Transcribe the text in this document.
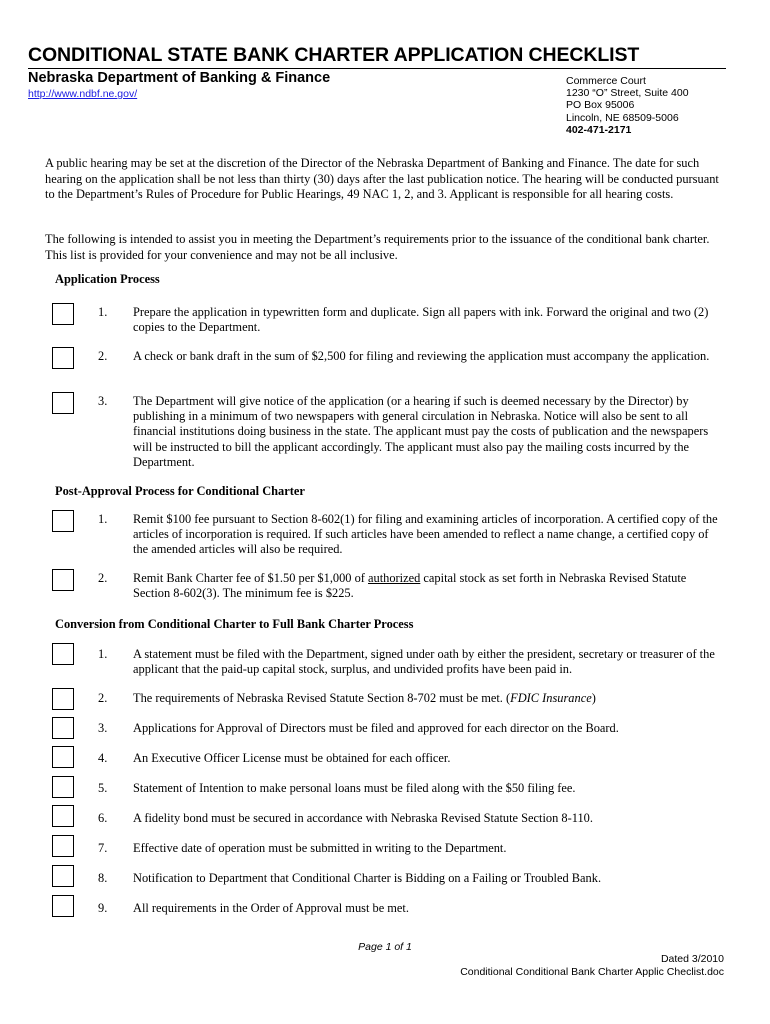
CONDITIONAL STATE BANK CHARTER APPLICATION CHECKLIST
Nebraska Department of Banking & Finance
http://www.ndbf.ne.gov/
Commerce Court
1230 “O” Street, Suite 400
PO Box 95006
Lincoln, NE 68509-5006
402-471-2171
A public hearing may be set at the discretion of the Director of the Nebraska Department of Banking and Finance. The date for such hearing on the application shall be not less than thirty (30) days after the last publication notice. The hearing will be conducted pursuant to the Department’s Rules of Procedure for Public Hearings, 49 NAC 1, 2, and 3. Applicant is responsible for all hearing costs.
The following is intended to assist you in meeting the Department’s requirements prior to the issuance of the conditional bank charter. This list is provided for your convenience and may not be all inclusive.
Application Process
1. Prepare the application in typewritten form and duplicate. Sign all papers with ink. Forward the original and two (2) copies to the Department.
2. A check or bank draft in the sum of $2,500 for filing and reviewing the application must accompany the application.
3. The Department will give notice of the application (or a hearing if such is deemed necessary by the Director) by publishing in a minimum of two newspapers with general circulation in Nebraska. Notice will also be sent to all financial institutions doing business in the state. The applicant must pay the costs of publication and the newspapers will be instructed to bill the applicant accordingly. The applicant must also pay the mailing costs incurred by the Department.
Post-Approval Process for Conditional Charter
1. Remit $100 fee pursuant to Section 8-602(1) for filing and examining articles of incorporation. A certified copy of the articles of incorporation is required. If such articles have been amended to reflect a name change, a certified copy of the amended articles will also be required.
2. Remit Bank Charter fee of $1.50 per $1,000 of authorized capital stock as set forth in Nebraska Revised Statute Section 8-602(3). The minimum fee is $225.
Conversion from Conditional Charter to Full Bank Charter Process
1. A statement must be filed with the Department, signed under oath by either the president, secretary or treasurer of the applicant that the paid-up capital stock, surplus, and undivided profits have been paid in.
2. The requirements of Nebraska Revised Statute Section 8-702 must be met. (FDIC Insurance)
3. Applications for Approval of Directors must be filed and approved for each director on the Board.
4. An Executive Officer License must be obtained for each officer.
5. Statement of Intention to make personal loans must be filed along with the $50 filing fee.
6. A fidelity bond must be secured in accordance with Nebraska Revised Statute Section 8-110.
7. Effective date of operation must be submitted in writing to the Department.
8. Notification to Department that Conditional Charter is Bidding on a Failing or Troubled Bank.
9. All requirements in the Order of Approval must be met.
Page 1 of 1
Dated 3/2010
Conditional Conditional Bank Charter Applic Checlist.doc
